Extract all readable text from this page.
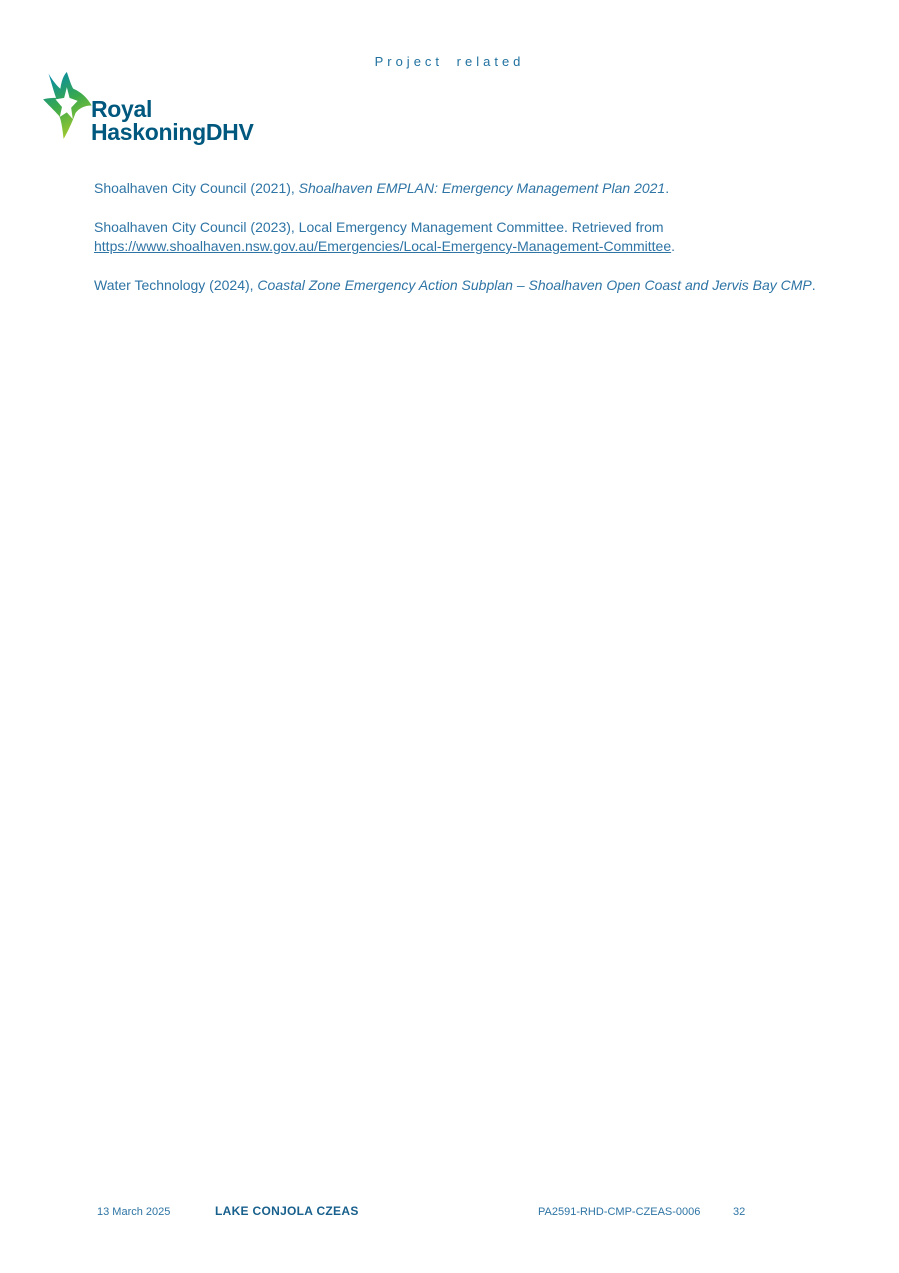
Project related
Royal
HaskoningDHV

Shoalhaven City Council (2021), Shoalhaven EMPLAN: Emergency Management Plan 2021.

Shoalhaven City Council (2023), Local Emergency Management Committee. Retrieved from https://www.shoalhaven.nsw.gov.au/Emergencies/Local-Emergency-Management-Committee.

Water Technology (2024), Coastal Zone Emergency Action Subplan – Shoalhaven Open Coast and Jervis Bay CMP.

13 March 2025	LAKE CONJOLA CZEAS	PA2591-RHD-CMP-CZEAS-0006	32
